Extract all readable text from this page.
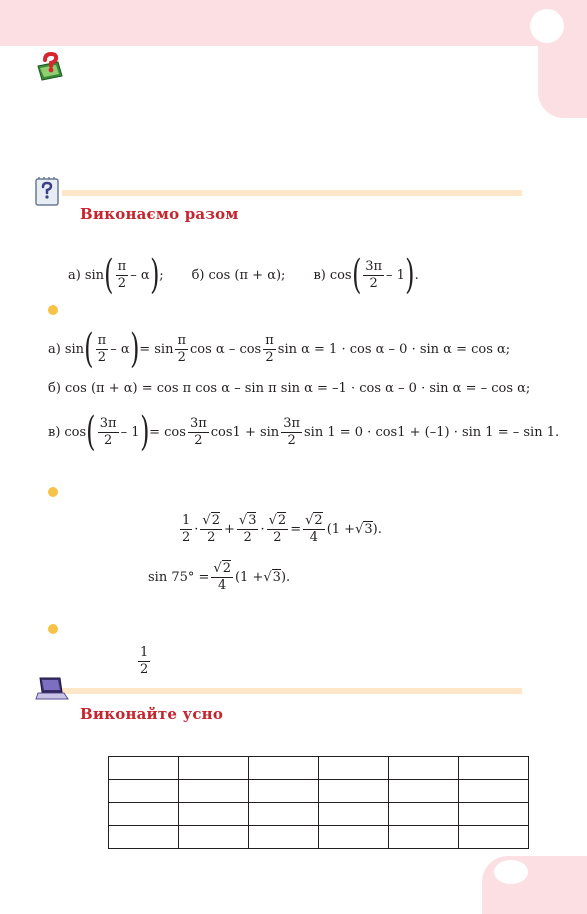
Виконаємо разом
а) sin ( $\frac{\pi}{2}$ – α ) ; б) cos (π + α); в) cos ( $\frac{3\pi}{2} - 1$ ) .
а) sin ( $\frac{\pi}{2}$ – α ) = $\sin \frac{\pi}{2}$ cos α – $\cos \frac{\pi}{2}$ sin α = 1 · cos α – 0 · sin α = cos α;
б) cos (π + α) = cos π cos α – sin π sin α = –1 · cos α – 0 · sin α = – cos α;
в) cos ( $\frac{3\pi}{2} - 1$ ) = $\cos \frac{3\pi}{2} \cos 1 + \sin \frac{3\pi}{2}$ sin 1 = 0 · cos1 + (–1) · sin 1 = – sin 1.
$\frac{1}{2} \cdot \frac{√2}{2} + \frac{√3}{2} \cdot \frac{√2}{2} = \frac{√2}{4} (1$ + √ 3 ).
$\sin 75^\circ = \frac{√2}{4} (1$ + √ 3 ).
$\frac{1}{2}$
Виконайте усно
